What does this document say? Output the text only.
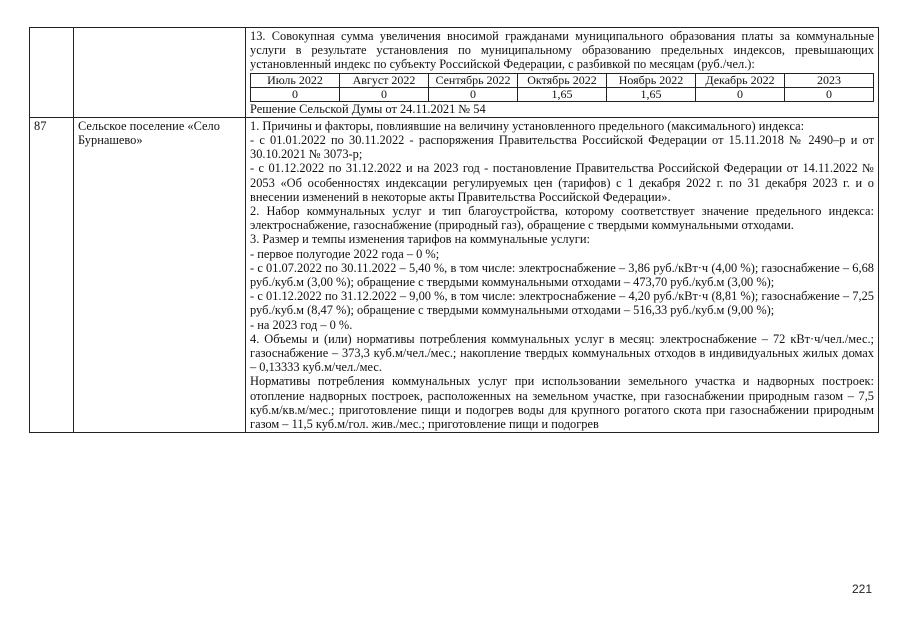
13. Совокупная сумма увеличения вносимой гражданами муниципального образования платы за коммунальные услуги в результате установления по муниципальному образованию предельных индексов, превышающих установленный индекс по субъекту Российской Федерации, с разбивкой по месяцам (руб./чел.):

Июль 2022	Август 2022	Сентябрь 2022	Октябрь 2022	Ноябрь 2022	Декабрь 2022	2023
0	0	0	1,65	1,65	0	0

Решение Сельской Думы от 24.11.2021 № 54

87	Сельское поселение «Село Бурнашево»	

1. Причины и факторы, повлиявшие на величину установленного предельного (максимального) индекса:

- с 01.01.2022 по 30.11.2022 - распоряжения Правительства Российской Федерации от 15.11.2018 № 2490–р и от 30.10.2021 № 3073-р;

- с 01.12.2022 по 31.12.2022 и на 2023 год - постановление Правительства Российской Федерации от 14.11.2022 № 2053 «Об особенностях индексации регулируемых цен (тарифов) с 1 декабря 2022 г. по 31 декабря 2023 г. и о внесении изменений в некоторые акты Правительства Российской Федерации».

2. Набор коммунальных услуг и тип благоустройства, которому соответствует значение предельного индекса: электроснабжение, газоснабжение (природный газ), обращение с твердыми коммунальными отходами.

3. Размер и темпы изменения тарифов на коммунальные услуги:

- первое полугодие 2022 года – 0 %;

- с 01.07.2022 по 30.11.2022 – 5,40 %, в том числе: электроснабжение – 3,86 руб./кВт·ч (4,00 %); газоснабжение – 6,68 руб./куб.м (3,00 %); обращение с твердыми коммунальными отходами – 473,70 руб./куб.м (3,00 %);

- с 01.12.2022 по 31.12.2022 – 9,00 %, в том числе: электроснабжение – 4,20 руб./кВт·ч (8,81 %); газоснабжение – 7,25 руб./куб.м (8,47 %); обращение с твердыми коммунальными отходами – 516,33 руб./куб.м (9,00 %);

- на 2023 год – 0 %.

4. Объемы и (или) нормативы потребления коммунальных услуг в месяц: электроснабжение – 72 кВт·ч/чел./мес.; газоснабжение – 373,3 куб.м/чел./мес.; накопление твердых коммунальных отходов в индивидуальных жилых домах – 0,13333 куб.м/чел./мес.

Нормативы потребления коммунальных услуг при использовании земельного участка и надворных построек: отопление надворных построек, расположенных на земельном участке, при газоснабжении природным газом – 7,5 куб.м/кв.м/мес.; приготовление пищи и подогрев воды для крупного рогатого скота при газоснабжении природным газом – 11,5 куб.м/гол. жив./мес.; приготовление пищи и подогрев

221
